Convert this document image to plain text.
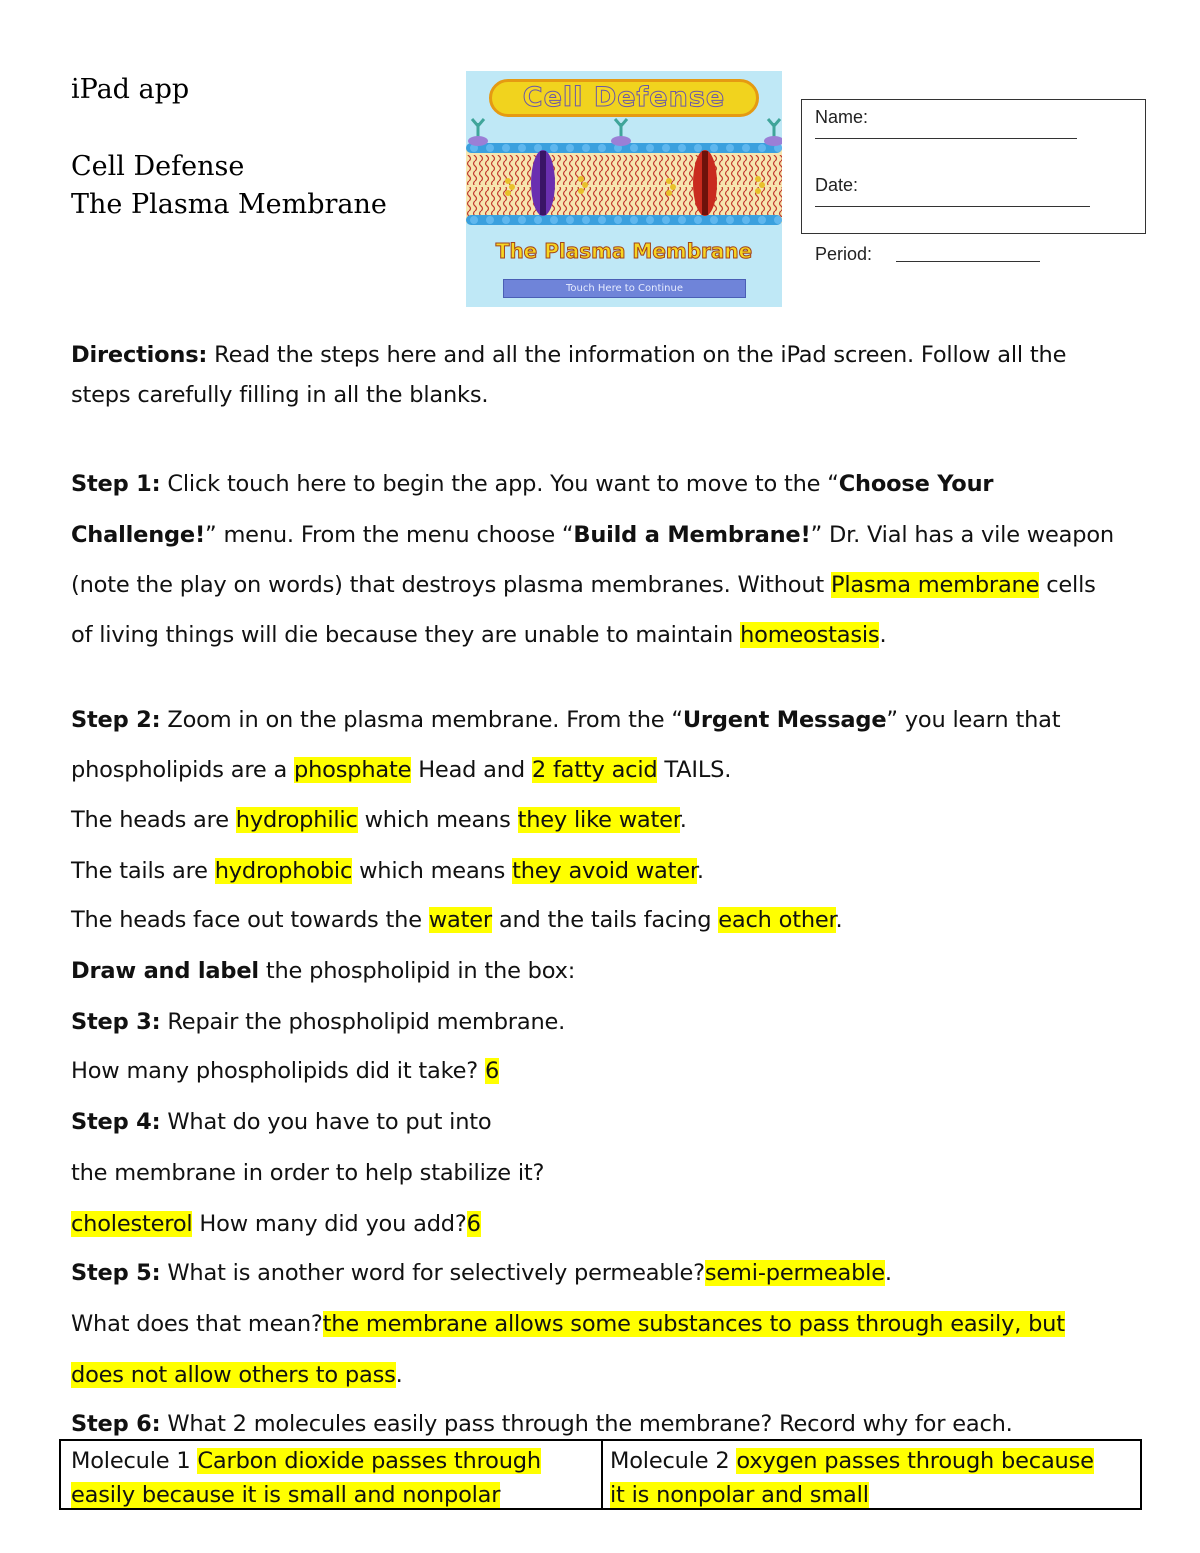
iPad app
Cell Defense
The Plasma Membrane
Cell Defense
The Plasma Membrane
Touch Here to Continue
Name:
Date:
Period:
Directions: Read the steps here and all the information on the iPad screen. Follow all the
steps carefully filling in all the blanks.
Step 1: Click touch here to begin the app. You want to move to the “Choose Your
Challenge!” menu. From the menu choose “Build a Membrane!” Dr. Vial has a vile weapon
(note the play on words) that destroys plasma membranes. Without Plasma membrane cells
of living things will die because they are unable to maintain homeostasis.
Step 2: Zoom in on the plasma membrane. From the “Urgent Message” you learn that
phospholipids are a phosphate Head and 2 fatty acid TAILS.
The heads are hydrophilic which means they like water.
The tails are hydrophobic which means they avoid water.
The heads face out towards the water and the tails facing each other.
Draw and label the phospholipid in the box:
Step 3: Repair the phospholipid membrane.
How many phospholipids did it take? 6
Step 4: What do you have to put into
the membrane in order to help stabilize it?
cholesterol How many did you add?6
Step 5: What is another word for selectively permeable?semi-permeable.
What does that mean?the membrane allows some substances to pass through easily, but
does not allow others to pass.
Step 6: What 2 molecules easily pass through the membrane? Record why for each.
Molecule 1 Carbon dioxide passes through
easily because it is small and nonpolar
Molecule 2 oxygen passes through because
it is nonpolar and small
